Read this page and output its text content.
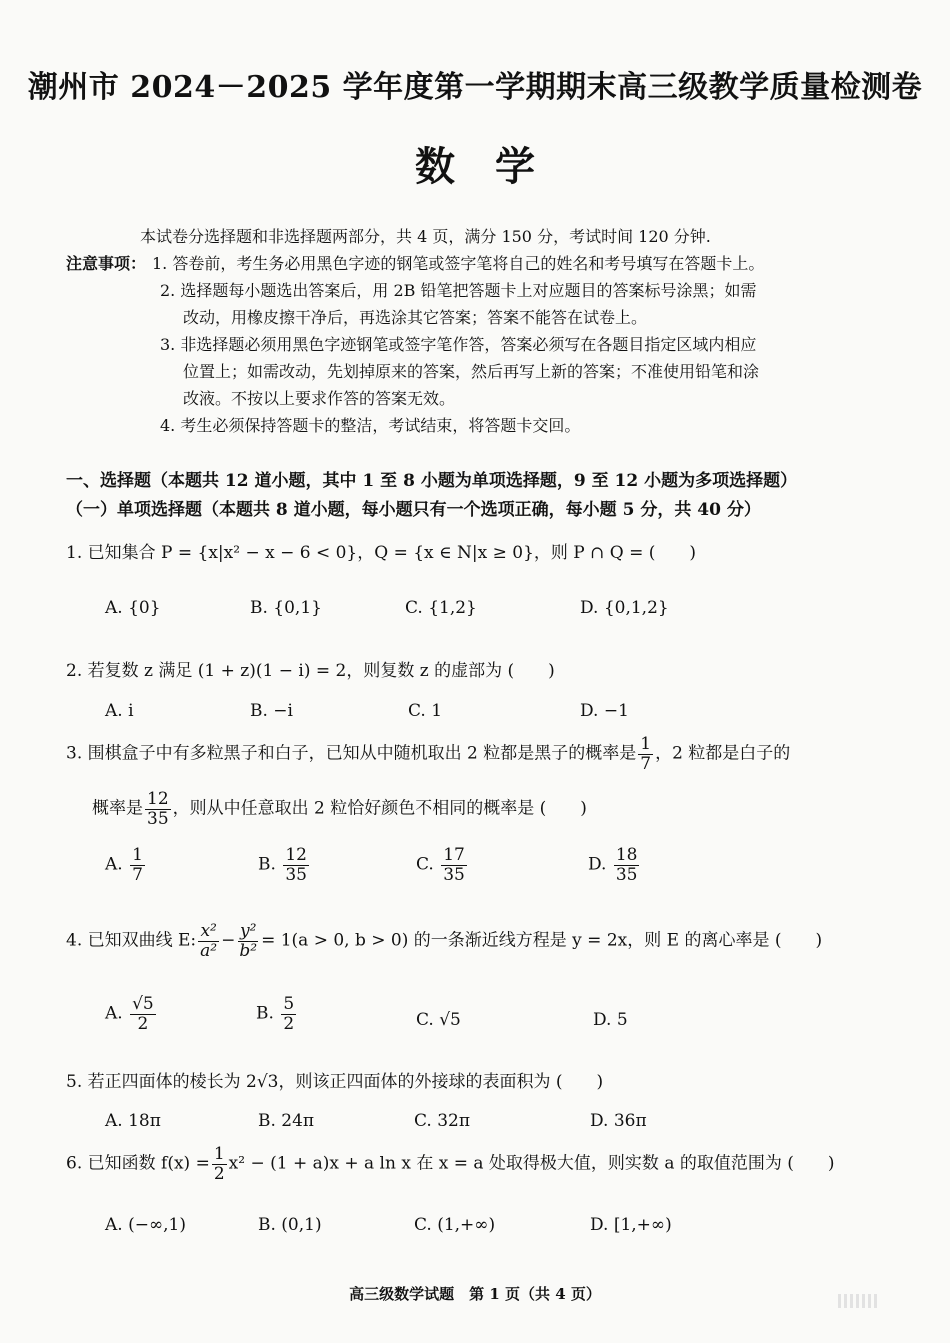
潮州市 2024－2025 学年度第一学期期末高三级教学质量检测卷
数学
本试卷分选择题和非选择题两部分，共 4 页，满分 150 分，考试时间 120 分钟.
注意事项： 1. 答卷前，考生务必用黑色字迹的钢笔或签字笔将自己的姓名和考号填写在答题卡上。
2. 选择题每小题选出答案后，用 2B 铅笔把答题卡上对应题目的答案标号涂黑；如需
改动，用橡皮擦干净后，再选涂其它答案；答案不能答在试卷上。
3. 非选择题必须用黑色字迹钢笔或签字笔作答，答案必须写在各题目指定区域内相应
位置上；如需改动，先划掉原来的答案，然后再写上新的答案；不准使用铅笔和涂
改液。不按以上要求作答的答案无效。
4. 考生必须保持答题卡的整洁，考试结束，将答题卡交回。
一、选择题（本题共 12 道小题，其中 1 至 8 小题为单项选择题，9 至 12 小题为多项选择题）
（一）单项选择题（本题共 8 道小题，每小题只有一个选项正确，每小题 5 分，共 40 分）
1. 已知集合 P = {x|x² − x − 6 < 0}，Q = {x ∈ N|x ≥ 0}，则 P ∩ Q = (　　)
A. {0}	B. {0,1}	C. {1,2}	D. {0,1,2}
2. 若复数 z 满足 (1 + z)(1 − i) = 2，则复数 z 的虚部为 (　　)
A. i	B. −i	C. 1	D. −1
3. 围棋盒子中有多粒黑子和白子，已知从中随机取出 2 粒都是黑子的概率是 $\frac{1}{7}$ ，2 粒都是白子的
概率是 $\frac{12}{35}$ ，则从中任意取出 2 粒恰好颜色不相同的概率是 (　　)
A. $\frac{1}{7}$	B. $\frac{12}{35}$	C. $\frac{17}{35}$	D. $\frac{18}{35}$
4. 已知双曲线 E: $\frac{\text{x²}}{\text{a²}} - \frac{\text{y²}}{\text{b²}} = 1(a > 0$, b > 0) 的一条渐近线方程是 y = 2x，则 E 的离心率是 (　　)
A. $\frac{√5}{2}$	B. $\frac{5}{2}$	C. √5	D. 5
5. 若正四面体的棱长为 2√3，则该正四面体的外接球的表面积为 (　　)
A. 18π	B. 24π	C. 32π	D. 36π
6. 已知函数 $f(x) = \frac{1}{2} x^2 - (1 + a)x + a$ ln x 在 x = a 处取得极大值，则实数 a 的取值范围为 (　　)
A. (−∞,1)	B. (0,1)	C. (1,+∞)	D. [1,+∞)
高三级数学试题　第 1 页（共 4 页）
